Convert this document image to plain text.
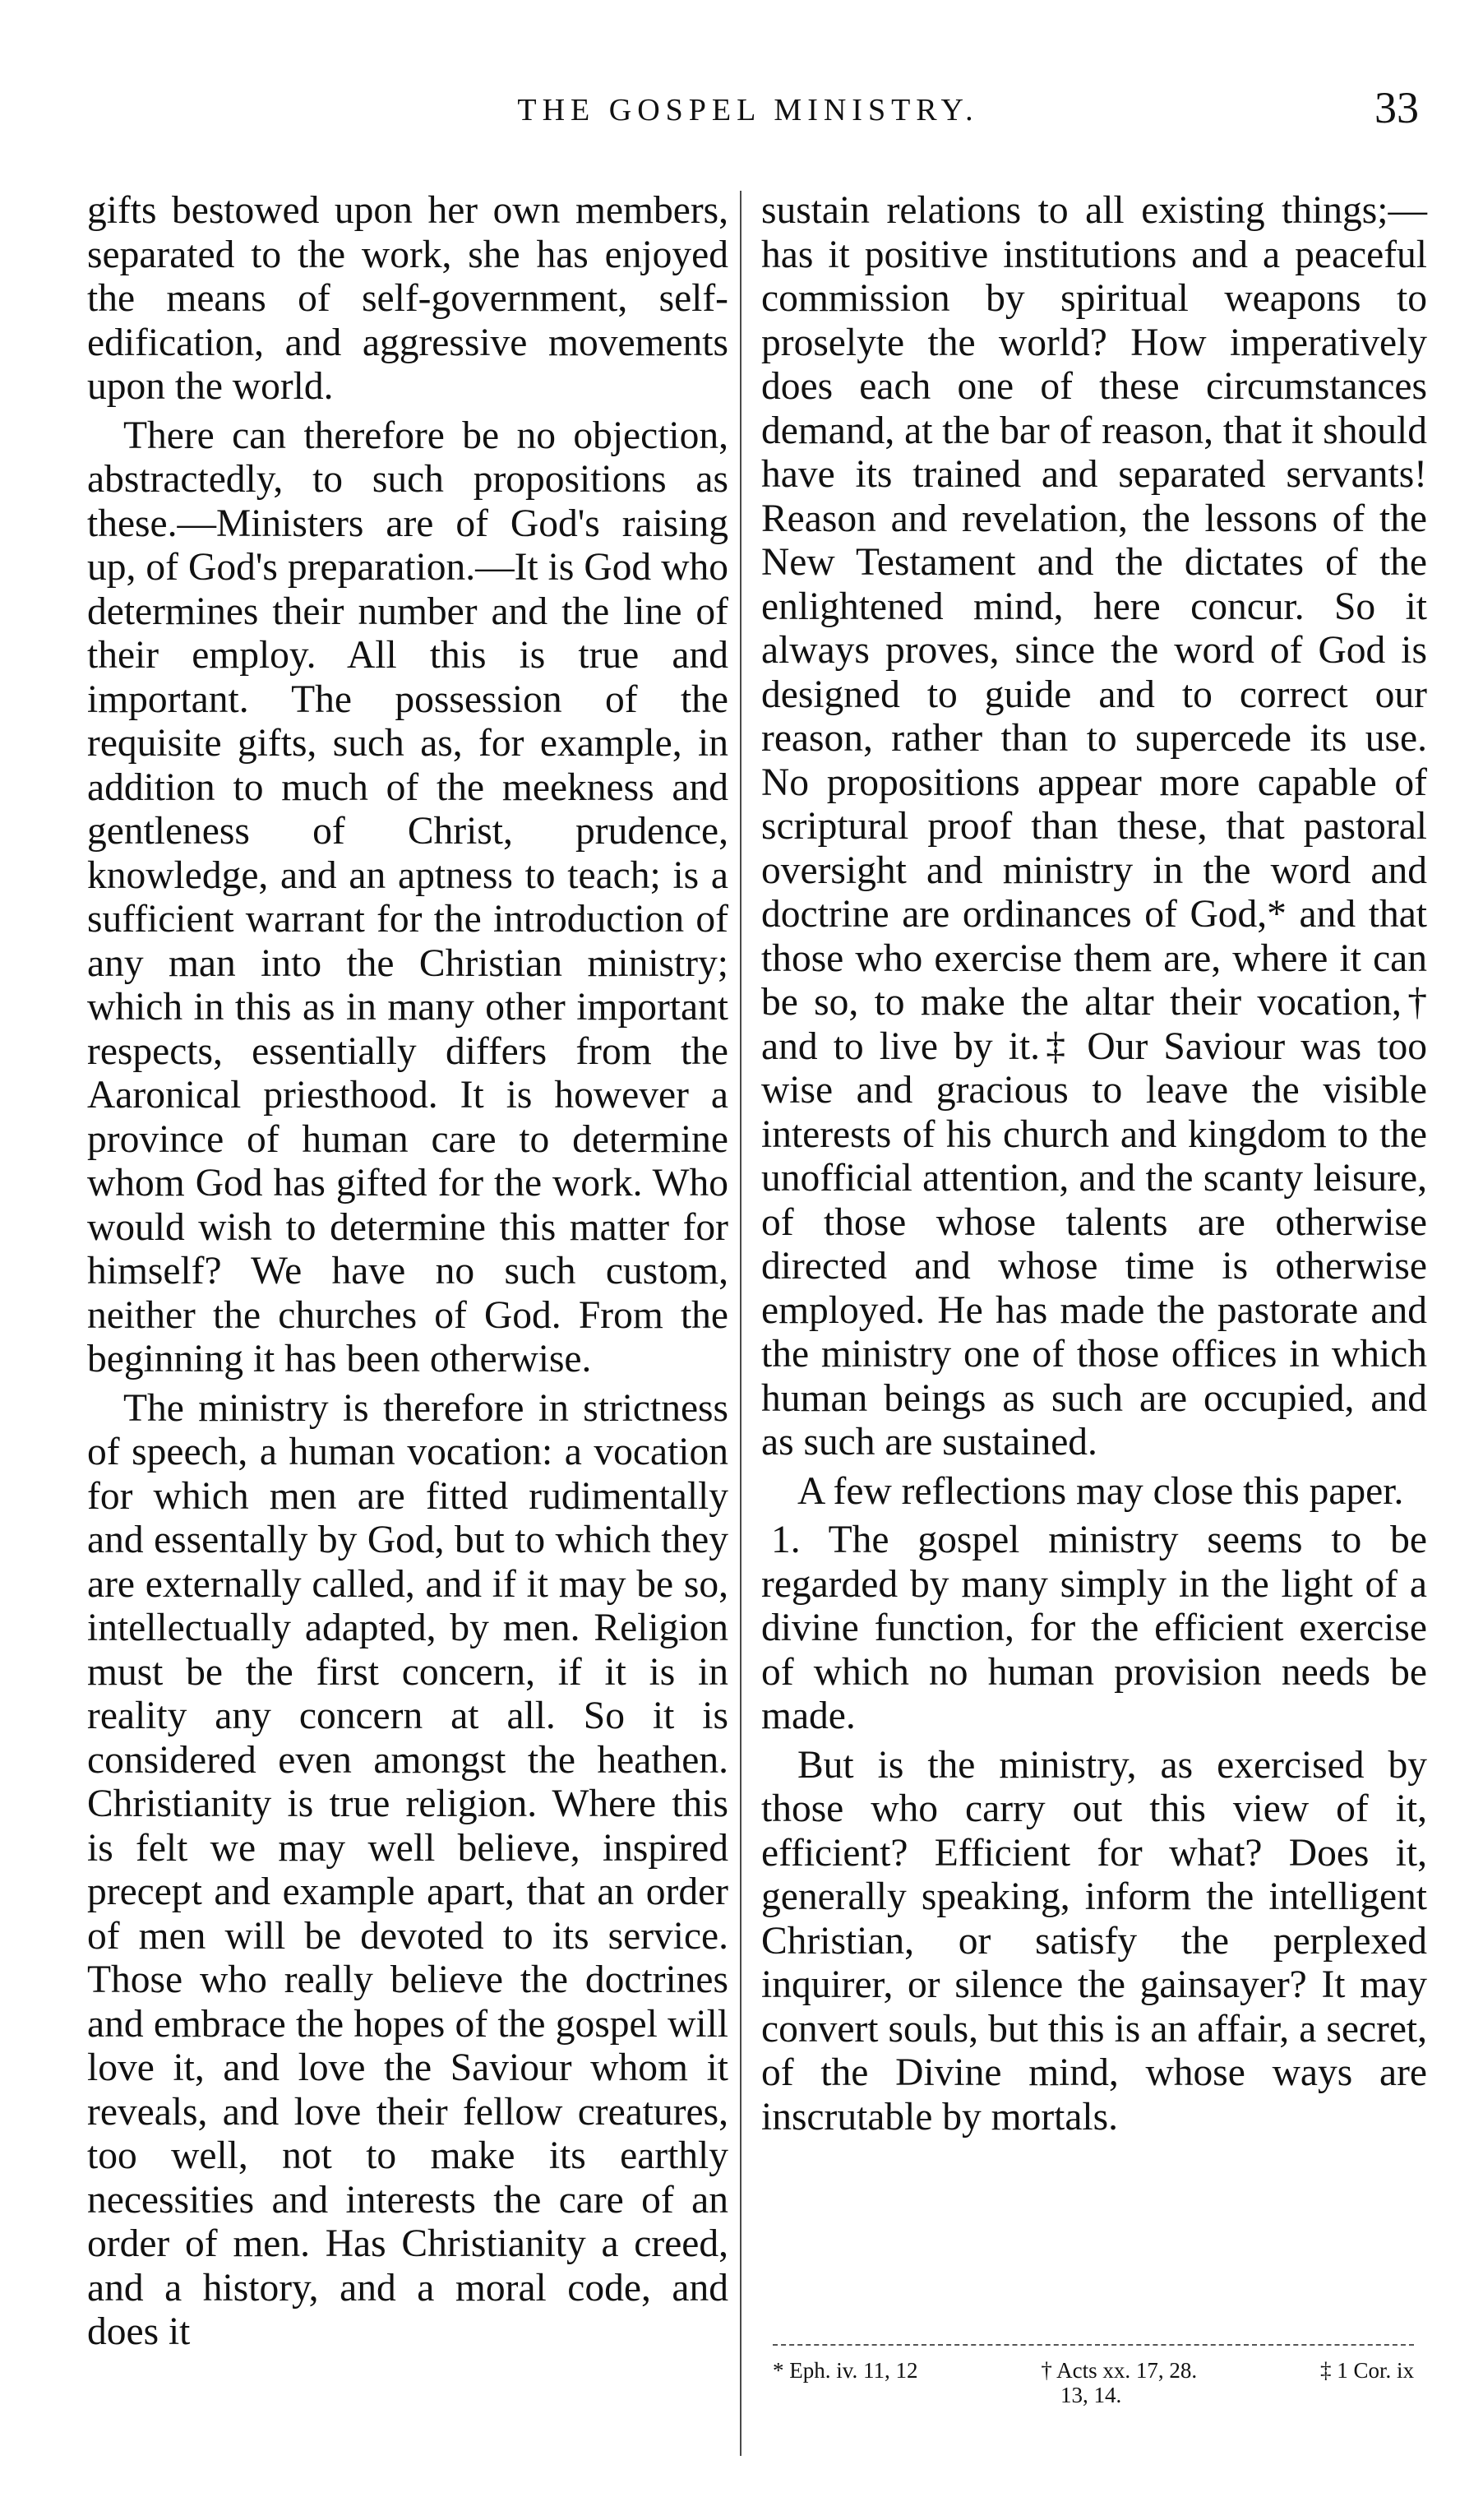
THE GOSPEL MINISTRY.	33

gifts bestowed upon her own members, separated to the work, she has enjoyed the means of self-government, self-edification, and aggressive movements upon the world.

There can therefore be no objection, abstractedly, to such propositions as these.—Ministers are of God's raising up, of God's preparation.—It is God who determines their number and the line of their employ. All this is true and important. The possession of the requisite gifts, such as, for example, in addition to much of the meekness and gentleness of Christ, prudence, knowledge, and an aptness to teach; is a sufficient warrant for the introduction of any man into the Christian ministry; which in this as in many other important respects, essentially differs from the Aaronical priesthood. It is however a province of human care to determine whom God has gifted for the work. Who would wish to determine this matter for himself? We have no such custom, neither the churches of God. From the beginning it has been otherwise.

The ministry is therefore in strictness of speech, a human vocation: a vocation for which men are fitted rudimentally and essentally by God, but to which they are externally called, and if it may be so, intellectually adapted, by men. Religion must be the first concern, if it is in reality any concern at all. So it is considered even amongst the heathen. Christianity is true religion. Where this is felt we may well believe, inspired precept and example apart, that an order of men will be devoted to its service. Those who really believe the doctrines and embrace the hopes of the gospel will love it, and love the Saviour whom it reveals, and love their fellow creatures, too well, not to make its earthly necessities and interests the care of an order of men. Has Christianity a creed, and a history, and a moral code, and does it

sustain relations to all existing things;—has it positive institutions and a peaceful commission by spiritual weapons to proselyte the world? How imperatively does each one of these circumstances demand, at the bar of reason, that it should have its trained and separated servants! Reason and revelation, the lessons of the New Testament and the dictates of the enlightened mind, here concur. So it always proves, since the word of God is designed to guide and to correct our reason, rather than to supercede its use. No propositions appear more capable of scriptural proof than these, that pastoral oversight and ministry in the word and doctrine are ordinances of God,* and that those who exercise them are, where it can be so, to make the altar their vocation,† and to live by it.‡ Our Saviour was too wise and gracious to leave the visible interests of his church and kingdom to the unofficial attention, and the scanty leisure, of those whose talents are otherwise directed and whose time is otherwise employed. He has made the pastorate and the ministry one of those offices in which human beings as such are occupied, and as such are sustained.

A few reflections may close this paper.

1. The gospel ministry seems to be regarded by many simply in the light of a divine function, for the efficient exercise of which no human provision needs be made.

But is the ministry, as exercised by those who carry out this view of it, efficient? Efficient for what? Does it, generally speaking, inform the intelligent Christian, or satisfy the perplexed inquirer, or silence the gainsayer? It may convert souls, but this is an affair, a secret, of the Divine mind, whose ways are inscrutable by mortals.

* Eph. iv. 11, 12	† Acts xx. 17, 28.	‡ 1 Cor. ix
13, 14.
